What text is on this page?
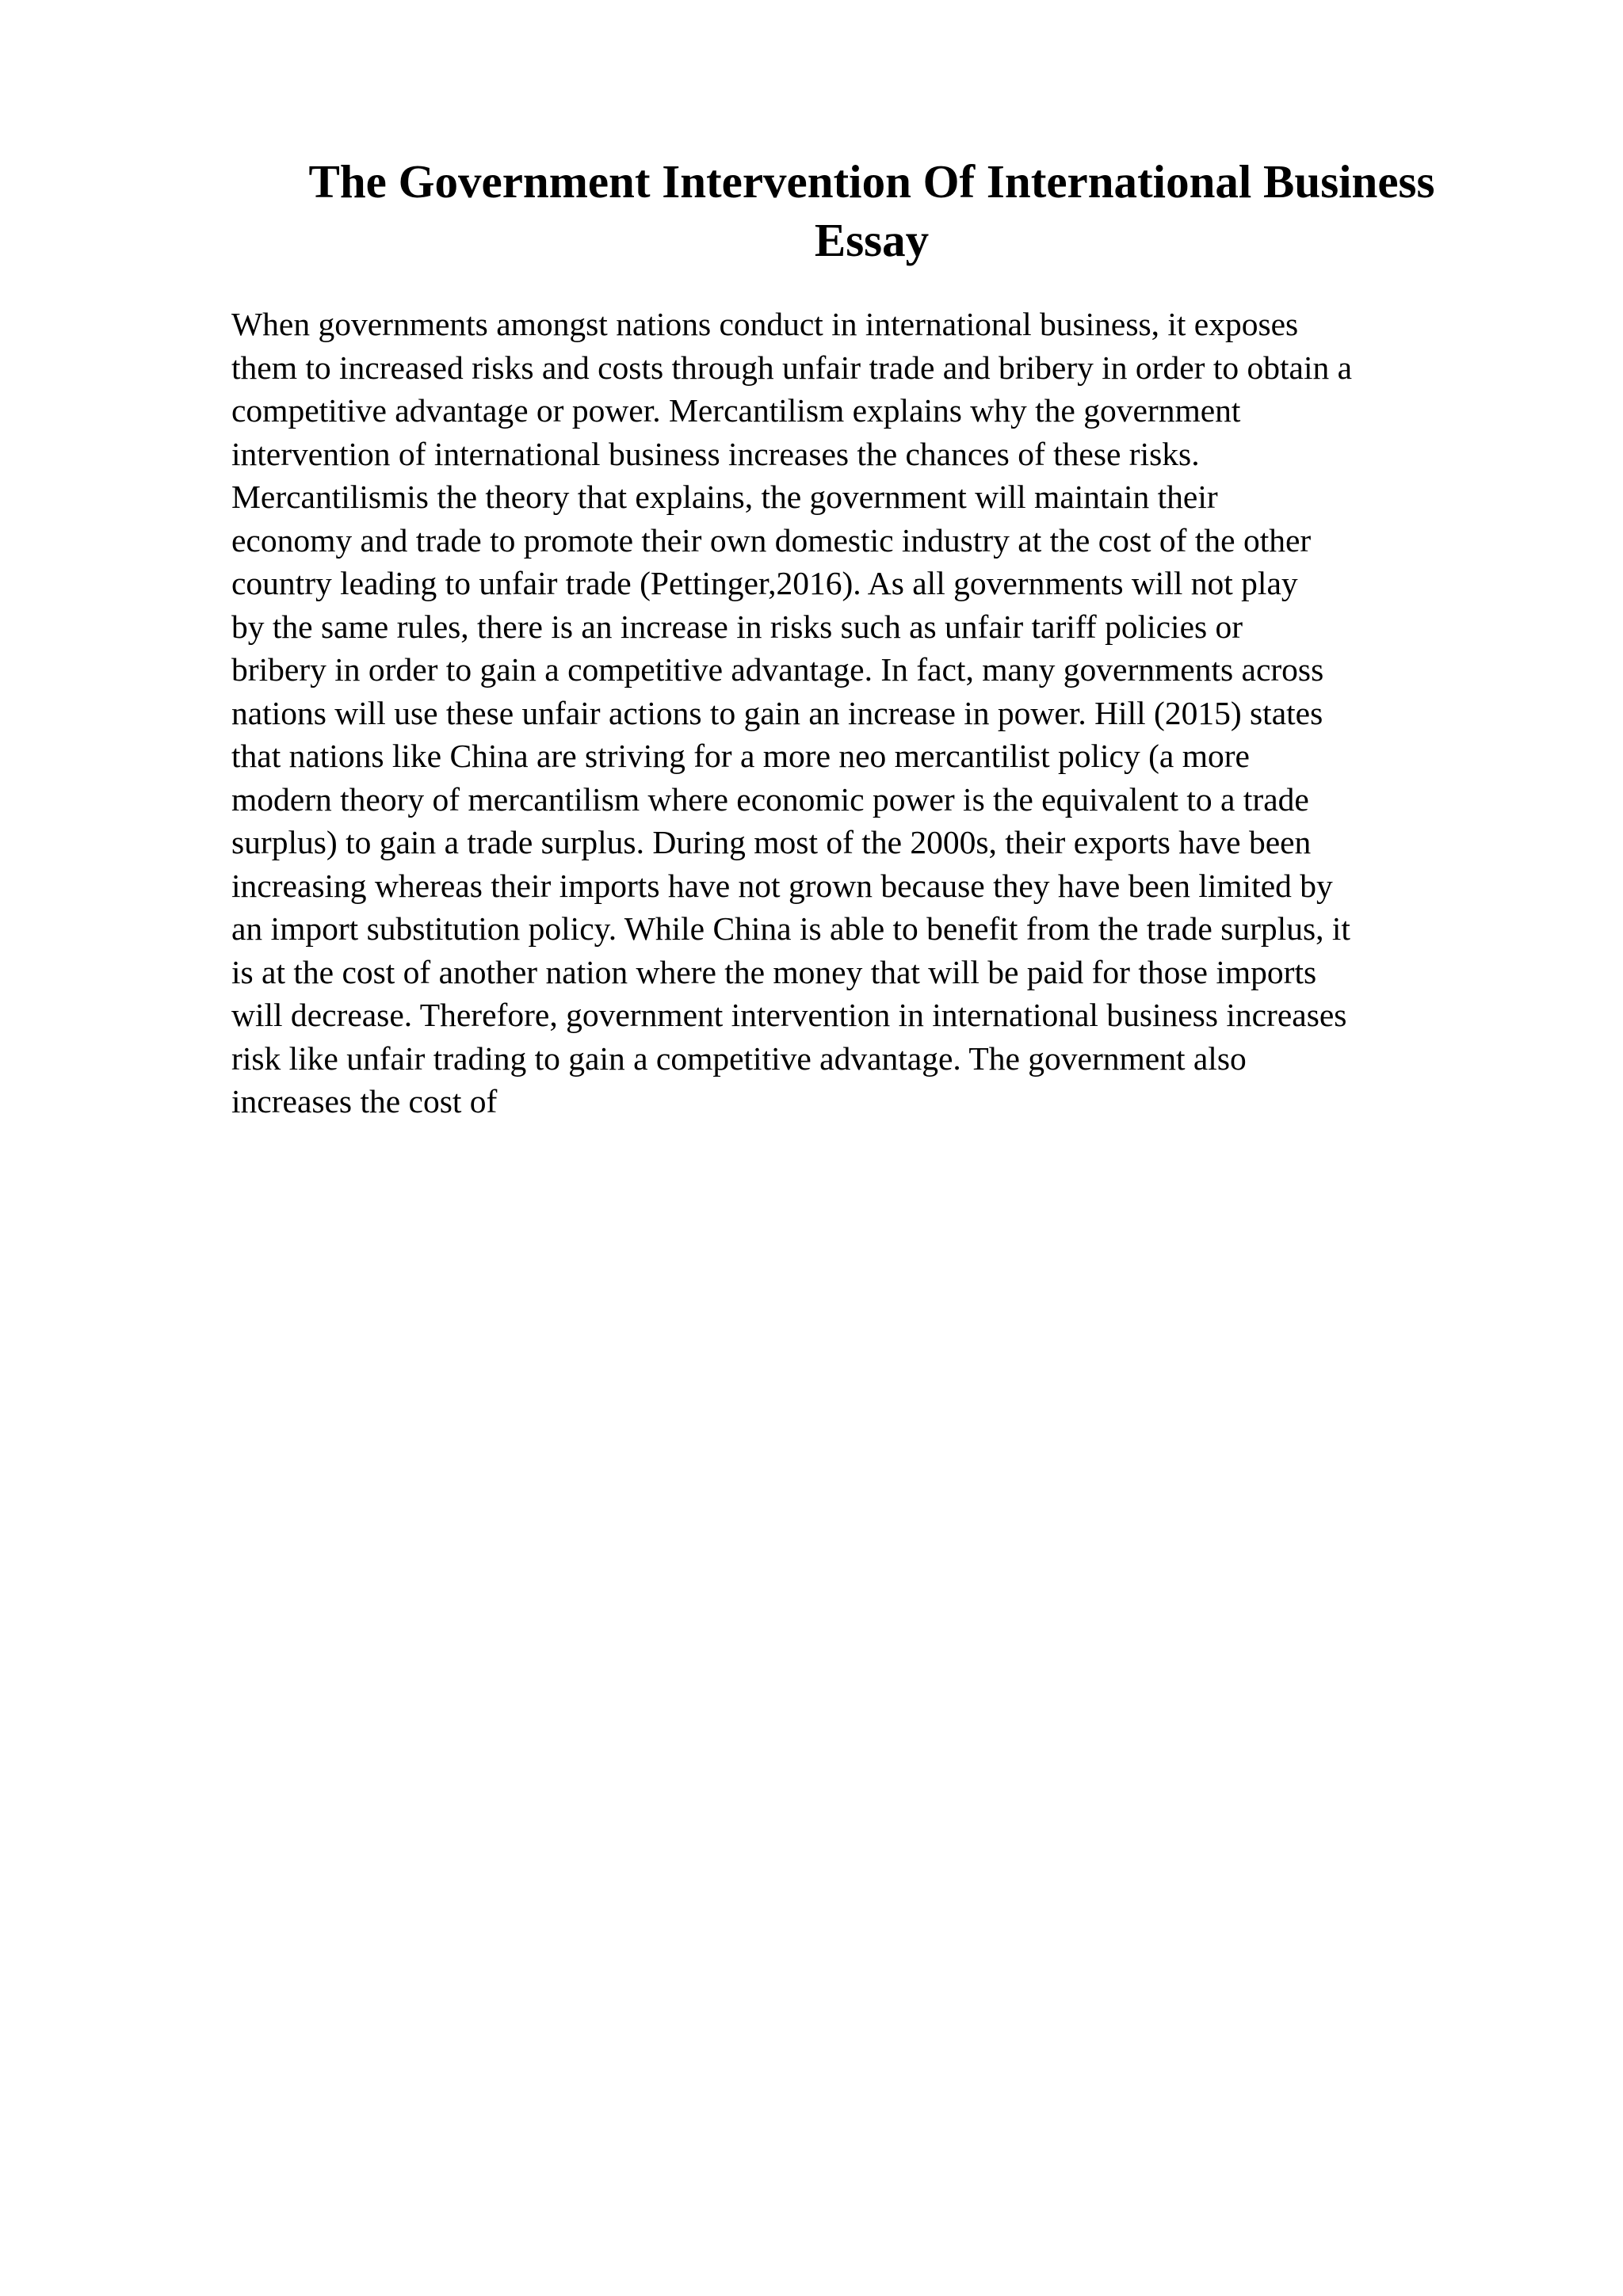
The Government Intervention Of International Business
Essay
When governments amongst nations conduct in international business, it exposes
them to increased risks and costs through unfair trade and bribery in order to obtain a
competitive advantage or power. Mercantilism explains why the government
intervention of international business increases the chances of these risks.
Mercantilismis the theory that explains, the government will maintain their
economy and trade to promote their own domestic industry at the cost of the other
country leading to unfair trade (Pettinger,2016). As all governments will not play
by the same rules, there is an increase in risks such as unfair tariff policies or
bribery in order to gain a competitive advantage. In fact, many governments across
nations will use these unfair actions to gain an increase in power. Hill (2015) states
that nations like China are striving for a more neo mercantilist policy (a more
modern theory of mercantilism where economic power is the equivalent to a trade
surplus) to gain a trade surplus. During most of the 2000s, their exports have been
increasing whereas their imports have not grown because they have been limited by
an import substitution policy. While China is able to benefit from the trade surplus, it
is at the cost of another nation where the money that will be paid for those imports
will decrease. Therefore, government intervention in international business increases
risk like unfair trading to gain a competitive advantage. The government also
increases the cost of
